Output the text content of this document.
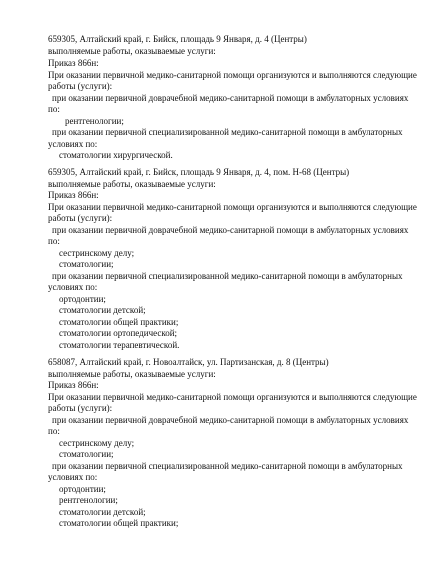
659305, Алтайский край, г. Бийск, площадь 9 Января, д. 4 (Центры)
выполняемые работы, оказываемые услуги:
Приказ 866н:
При оказании первичной медико-санитарной помощи организуются и выполняются следующие
работы (услуги):
при оказании первичной доврачебной медико-санитарной помощи в амбулаторных условиях
по:
рентгенологии;
при оказании первичной специализированной медико-санитарной помощи в амбулаторных
условиях по:
стоматологии хирургической.
659305, Алтайский край, г. Бийск, площадь 9 Января, д. 4, пом. Н-68 (Центры)
выполняемые работы, оказываемые услуги:
Приказ 866н:
При оказании первичной медико-санитарной помощи организуются и выполняются следующие
работы (услуги):
при оказании первичной доврачебной медико-санитарной помощи в амбулаторных условиях
по:
сестринскому делу;
стоматологии;
при оказании первичной специализированной медико-санитарной помощи в амбулаторных
условиях по:
ортодонтии;
стоматологии детской;
стоматологии общей практики;
стоматологии ортопедической;
стоматологии терапевтической.
658087, Алтайский край, г. Новоалтайск, ул. Партизанская, д. 8 (Центры)
выполняемые работы, оказываемые услуги:
Приказ 866н:
При оказании первичной медико-санитарной помощи организуются и выполняются следующие
работы (услуги):
при оказании первичной доврачебной медико-санитарной помощи в амбулаторных условиях
по:
сестринскому делу;
стоматологии;
при оказании первичной специализированной медико-санитарной помощи в амбулаторных
условиях по:
ортодонтии;
рентгенологии;
стоматологии детской;
стоматологии общей практики;
